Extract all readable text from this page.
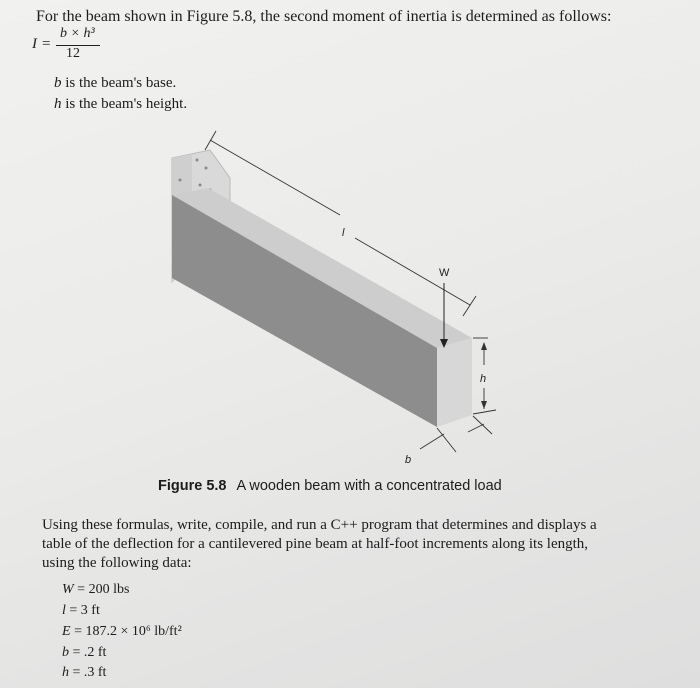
For the beam shown in Figure 5.8, the second moment of inertia is determined as follows:
I =
b × h³
12
b is the beam's base.
h is the beam's height.
l
W
h
b
Figure 5.8 A wooden beam with a concentrated load
Using these formulas, write, compile, and run a C++ program that determines and displays a
table of the deflection for a cantilevered pine beam at half-foot increments along its length,
using the following data:
W = 200 lbs
l = 3 ft
E = 187.2 × 10⁶ lb/ft²
b = .2 ft
h = .3 ft
